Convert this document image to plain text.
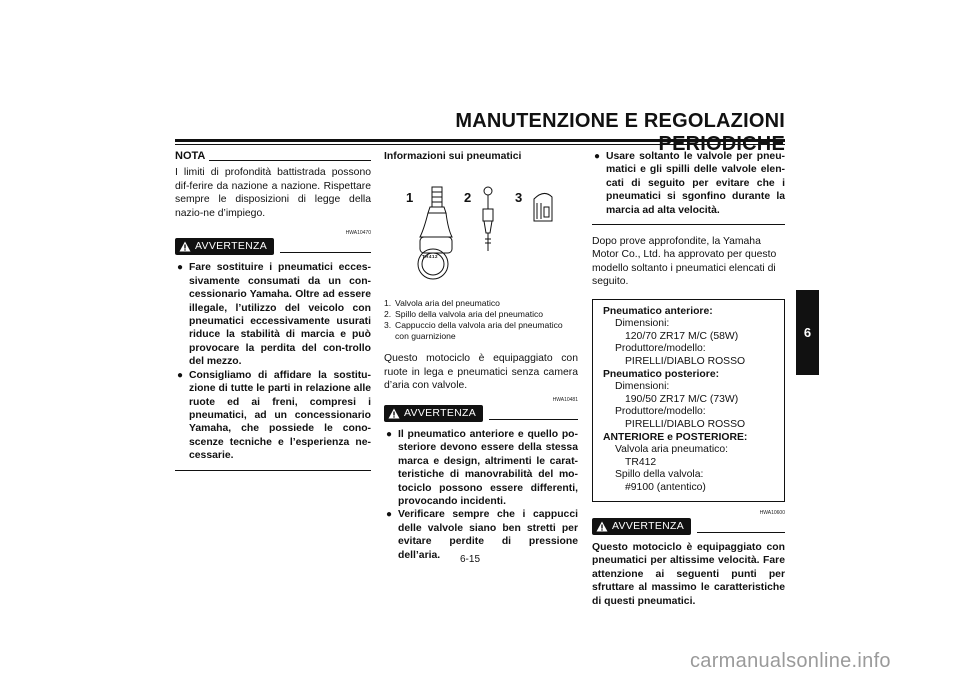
MANUTENZIONE E REGOLAZIONI
NOTA

I limiti di profondità battistrada possono dif-ferire da nazione a nazione. Rispettare sempre le disposizioni di legge della nazio-ne d’impiego.

HWA10470
AVVERTENZA
● Fare sostituire i pneumatici ecces-sivamente consumati da un con-cessionario Yamaha. Oltre ad essere illegale, l’utilizzo del veicolo con pneumatici eccessivamente usurati riduce la stabilità di marcia e può provocare la perdita del con-trollo del mezzo.
● Consigliamo di affidare la sostitu-zione di tutte le parti in relazione alle ruote ed ai freni, compresi i pneumatici, ad un concessionario Yamaha, che possiede le cono-scenze tecniche e l’esperienza ne-cessarie.
Informazioni sui pneumatici
1	2	3
TR412
1. Valvola aria del pneumatico
2. Spillo della valvola aria del pneumatico
3. Cappuccio della valvola aria del pneumatico con guarnizione

Questo motociclo è equipaggiato con ruote in lega e pneumatici senza camera d’aria con valvole.

HWA10481
AVVERTENZA
● Il pneumatico anteriore e quello po-steriore devono essere della stessa marca e design, altrimenti le carat-teristiche di manovrabilità del mo-tociclo possono essere differenti, provocando incidenti.
● Verificare sempre che i cappucci delle valvole siano ben stretti per evitare perdite di pressione dell’aria.
● Usare soltanto le valvole per pneu-matici e gli spilli delle valvole elen-cati di seguito per evitare che i pneumatici si sgonfino durante la marcia ad alta velocità.

Dopo prove approfondite, la Yamaha Motor Co., Ltd. ha approvato per questo modello soltanto i pneumatici elencati di seguito.

Pneumatico anteriore:
Dimensioni:
120/70 ZR17 M/C (58W)
Produttore/modello:
PIRELLI/DIABLO ROSSO
Pneumatico posteriore:
Dimensioni:
190/50 ZR17 M/C (73W)
Produttore/modello:
PIRELLI/DIABLO ROSSO
ANTERIORE e POSTERIORE:
Valvola aria pneumatico:
TR412
Spillo della valvola:
#9100 (antentico)
HWA10600
AVVERTENZA

Questo motociclo è equipaggiato con pneumatici per altissime velocità. Fare attenzione ai seguenti punti per sfruttare al massimo le caratteristiche di questi pneumatici.

6
6-15
carmanualsonline.info
